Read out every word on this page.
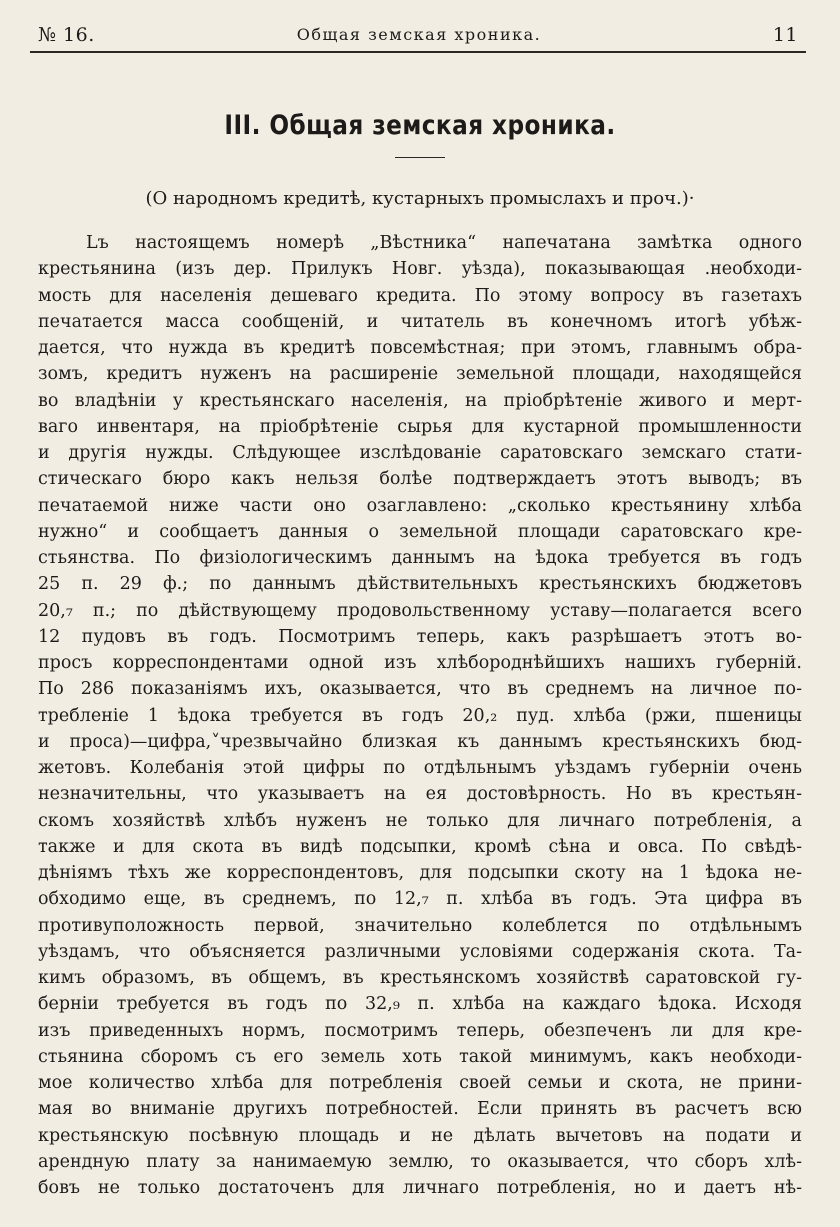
№ 16.	Общая земская хроника.	11
III. Общая земская хроника.
(О народномъ кредитѣ, кустарныхъ промыслахъ и проч.)·
Lъ настоящемъ номерѣ „Вѣстника“ напечатана замѣтка одного
крестьянина (изъ дер. Прилукъ Новг. уѣзда), показывающая .необходи-
мость для населенія дешеваго кредита. По этому вопросу въ газетахъ
печатается масса сообщеній, и читатель въ конечномъ итогѣ убѣж-
дается, что нужда въ кредитѣ повсемѣстная; при этомъ, главнымъ обра-
зомъ, кредитъ нуженъ на расширеніе земельной площади, находящейся
во владѣніи у крестьянскаго населенія, на пріобрѣтеніе живого и мерт-
ваго инвентаря, на пріобрѣтеніе сырья для кустарной промышленности
и другія нужды. Слѣдующее изслѣдованіе саратовскаго земскаго стати-
стическаго бюро какъ нельзя болѣе подтверждаетъ этотъ выводъ; въ
печатаемой ниже части оно озаглавлено: „сколько крестьянину хлѣба
нужно“ и сообщаетъ данныя о земельной площади саратовскаго кре-
стьянства. По физіологическимъ даннымъ на ѣдока требуется въ годъ
25 п. 29 ф.; по даннымъ дѣйствительныхъ крестьянскихъ бюджетовъ
20,₇ п.; по дѣйствующему продовольственному уставу—полагается всего
12 пудовъ въ годъ. Посмотримъ теперь, какъ разрѣшаетъ этотъ во-
просъ корреспондентами одной изъ хлѣбороднѣйшихъ нашихъ губерній.
По 286 показаніямъ ихъ, оказывается, что въ среднемъ на личное по-
требленіе 1 ѣдока требуется въ годъ 20,₂ пуд. хлѣба (ржи, пшеницы
и проса)—цифра,˅чрезвычайно близкая къ даннымъ крестьянскихъ бюд-
жетовъ. Колебанія этой цифры по отдѣльнымъ уѣздамъ губерніи очень
незначительны, что указываетъ на ея достовѣрность. Но въ крестьян-
скомъ хозяйствѣ хлѣбъ нуженъ не только для личнаго потребленія, а
также и для скота въ видѣ подсыпки, кромѣ сѣна и овса. По свѣдѣ-
дѣніямъ тѣхъ же корреспондентовъ, для подсыпки скоту на 1 ѣдока не-
обходимо еще, въ среднемъ, по 12,₇ п. хлѣба въ годъ. Эта цифра въ
противуположность первой, значительно колеблется по отдѣльнымъ
уѣздамъ, что объясняется различными условіями содержанія скота. Та-
кимъ образомъ, въ общемъ, въ крестьянскомъ хозяйствѣ саратовской гу-
берніи требуется въ годъ по 32,₉ п. хлѣба на каждаго ѣдока. Исходя
изъ приведенныхъ нормъ, посмотримъ теперь, обезпеченъ ли для кре-
стьянина сборомъ съ его земель хоть такой минимумъ, какъ необходи-
мое количество хлѣба для потребленія своей семьи и скота, не прини-
мая во вниманіе другихъ потребностей. Если принять въ расчетъ всю
крестьянскую посѣвную площадь и не дѣлать вычетовъ на подати и
арендную плату за нанимаемую землю, то оказывается, что сборъ хлѣ-
бовъ не только достаточенъ для личнаго потребленія, но и даетъ нѣ-
